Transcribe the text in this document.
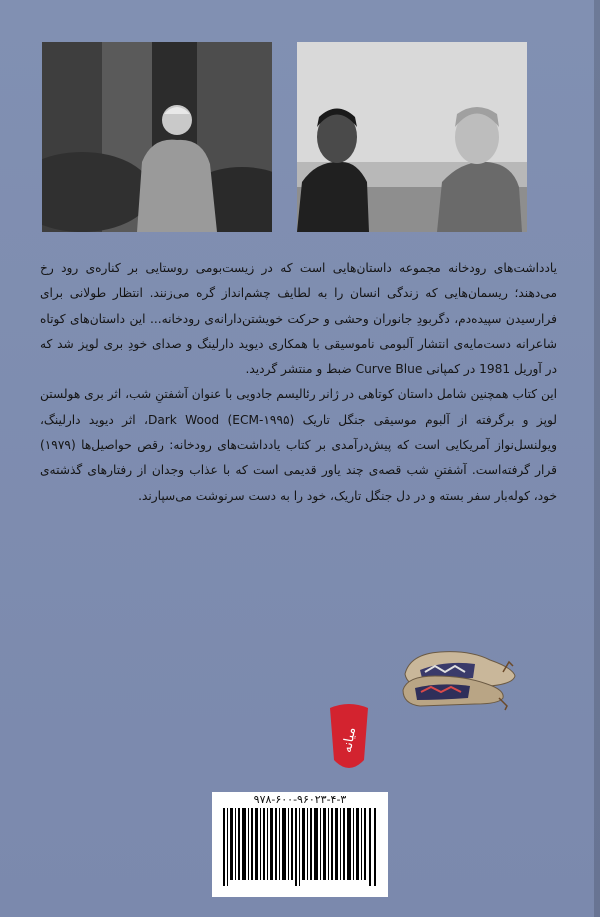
یادداشت‌های رودخانه مجموعه داستان‌هایی است که در زیست‌بومی روستایی بر کناره‌ی رود رخ می‌دهند؛ ریسمان‌هایی که زندگی انسان را به لطایف چشم‌انداز گره می‌زنند. انتظار طولانی برای فرارسیدن سپیده‌دم، دگربودِ جانوران وحشی و حرکت خویشتن‌دارانه‌ی رودخانه... این داستان‌های کوتاه شاعرانه دست‌مایه‌ی انتشار آلبومی ناموسیقی با همکاری دیوید دارلینگ و صدای خودِ بری لوپز شد که در آوریل 1981 در کمپانی Curve Blue ضبط و منتشر گردید.

این کتاب همچنین شامل داستان کوتاهی در ژانر رئالیسم جادویی با عنوان آشفتنِ شب، اثر بری هولستن لوپز و برگرفته از آلبوم موسیقی جنگل تاریک Dark Wood (ECM-۱۹۹۵)، اثر دیوید دارلینگ، ویولنسل‌نواز آمریکایی است که پیش‌درآمدی بر کتاب یادداشت‌های رودخانه: رقص حواصیل‌ها (۱۹۷۹) قرار گرفته‌است. آشفتنِ شب قصه‌ی چند یاور قدیمی است که با عذاب وجدان از رفتارهای گذشته‌ی خود، کوله‌بار سفر بسته و در دل جنگل تاریک، خود را به دست سرنوشت می‌سپارند.

میانه
۹۷۸-۶۰۰-۹۶۰۲۳-۴-۳
